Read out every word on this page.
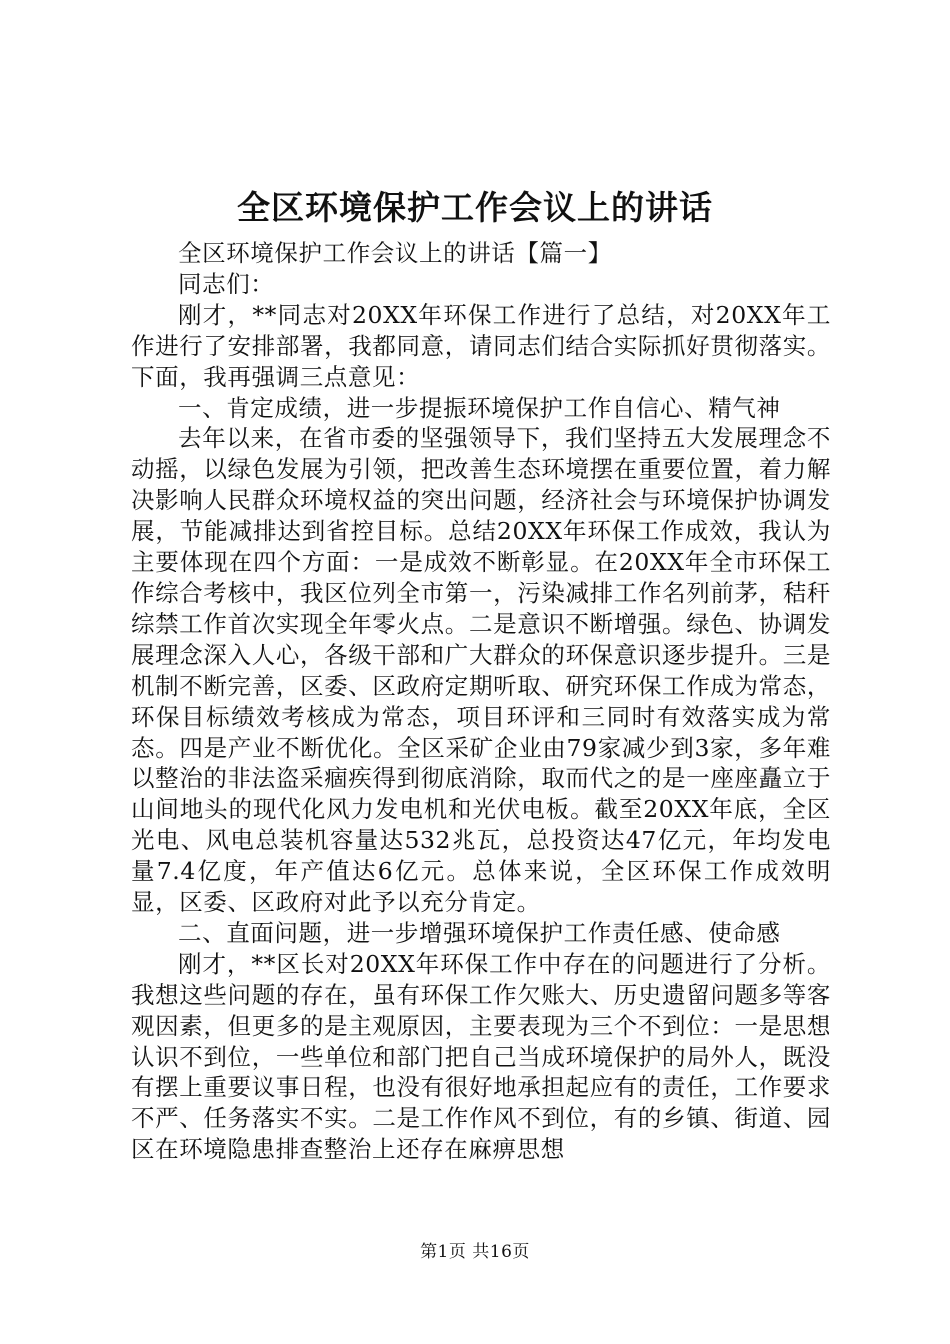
全区环境保护工作会议上的讲话

全区环境保护工作会议上的讲话【篇一】

同志们：

刚才，**同志对20XX年环保工作进行了总结，对20XX年工作进行了安排部署，我都同意，请同志们结合实际抓好贯彻落实。下面，我再强调三点意见：

一、肯定成绩，进一步提振环境保护工作自信心、精气神

去年以来，在省市委的坚强领导下，我们坚持五大发展理念不动摇，以绿色发展为引领，把改善生态环境摆在重要位置，着力解决影响人民群众环境权益的突出问题，经济社会与环境保护协调发展，节能减排达到省控目标。总结20XX年环保工作成效，我认为主要体现在四个方面：一是成效不断彰显。在20XX年全市环保工作综合考核中，我区位列全市第一，污染减排工作名列前茅，秸秆综禁工作首次实现全年零火点。二是意识不断增强。绿色、协调发展理念深入人心，各级干部和广大群众的环保意识逐步提升。三是机制不断完善，区委、区政府定期听取、研究环保工作成为常态，环保目标绩效考核成为常态，项目环评和三同时有效落实成为常态。四是产业不断优化。全区采矿企业由79家减少到3家，多年难以整治的非法盗采痼疾得到彻底消除，取而代之的是一座座矗立于山间地头的现代化风力发电机和光伏电板。截至20XX年底，全区光电、风电总装机容量达532兆瓦，总投资达47亿元，年均发电量7.4亿度，年产值达6亿元。总体来说，全区环保工作成效明显，区委、区政府对此予以充分肯定。

二、直面问题，进一步增强环境保护工作责任感、使命感

刚才，**区长对20XX年环保工作中存在的问题进行了分析。我想这些问题的存在，虽有环保工作欠账大、历史遗留问题多等客观因素，但更多的是主观原因，主要表现为三个不到位：一是思想认识不到位，一些单位和部门把自己当成环境保护的局外人，既没有摆上重要议事日程，也没有很好地承担起应有的责任，工作要求不严、任务落实不实。二是工作作风不到位，有的乡镇、街道、园区在环境隐患排查整治上还存在麻痹思想

第1页 共16页
